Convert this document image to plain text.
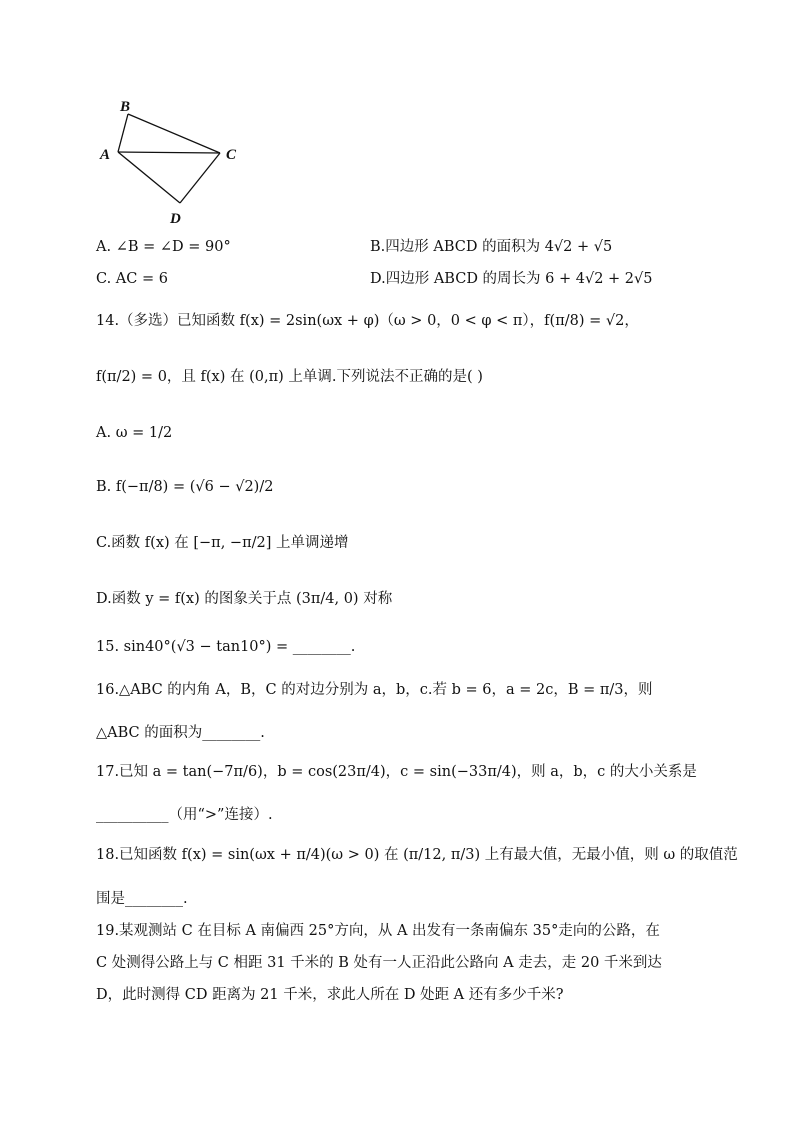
B
A	C
D
A. ∠B = ∠D = 90°	B.四边形 ABCD 的面积为 4√2 + √5
C. AC = 6	D.四边形 ABCD 的周长为 6 + 4√2 + 2√5
14.（多选）已知函数 f(x) = 2sin(ωx + φ)（ω > 0，0 < φ < π），f(π/8) = √2，
f(π/2) = 0，且 f(x) 在 (0,π) 上单调.下列说法不正确的是( )
A. ω = 1/2
B. f(−π/8) = (√6 − √2)/2
C.函数 f(x) 在 [−π, −π/2] 上单调递增
D.函数 y = f(x) 的图象关于点 (3π/4, 0) 对称
15. sin40°(√3 − tan10°) = ________.
16.△ABC 的内角 A，B，C 的对边分别为 a，b，c.若 b = 6，a = 2c，B = π/3，则
△ABC 的面积为________.
17.已知 a = tan(−7π/6)，b = cos(23π/4)，c = sin(−33π/4)，则 a，b，c 的大小关系是
__________（用“>”连接）.
18.已知函数 f(x) = sin(ωx + π/4)(ω > 0) 在 (π/12, π/3) 上有最大值，无最小值，则 ω 的取值范
围是________.
19.某观测站 C 在目标 A 南偏西 25°方向，从 A 出发有一条南偏东 35°走向的公路，在
C 处测得公路上与 C 相距 31 千米的 B 处有一人正沿此公路向 A 走去，走 20 千米到达
D，此时测得 CD 距离为 21 千米，求此人所在 D 处距 A 还有多少千米?
